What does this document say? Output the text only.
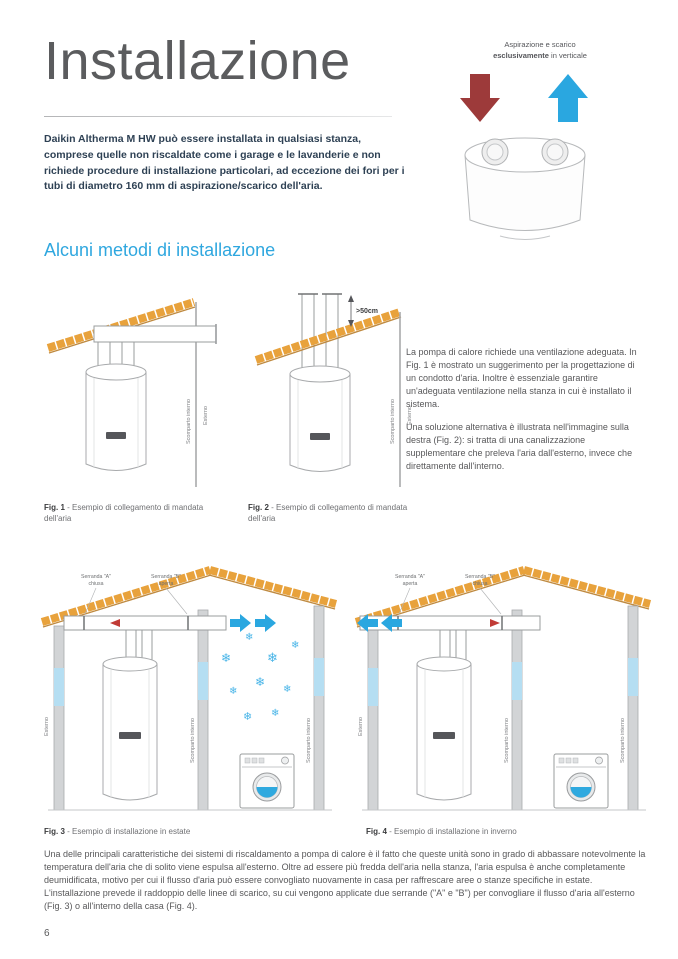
Installazione	Aspirazione e scarico
esclusivamente in verticale
Daikin Altherma M HW può essere installata in qualsiasi stanza, comprese quelle non riscaldate come i garage e le lavanderie e non richiede procedure di installazione particolari, ad eccezione dei fori per i tubi di diametro 160 mm di aspirazione/scarico dell'aria.
Alcuni metodi di installazione
Scomparto interno Esterno
>50cm
Scomparto interno Esterno

La pompa di calore richiede una ventilazione adeguata. In Fig. 1 è mostrato un suggerimento per la progettazione di un condotto d'aria. Inoltre è essenziale garantire un'adeguata ventilazione nella stanza in cui è installato il sistema.

Una soluzione alternativa è illustrata nell'immagine sulla destra (Fig. 2): si tratta di una canalizzazione supplementare che preleva l'aria dall'esterno, invece che direttamente dall'interno.

Fig. 1 - Esempio di collegamento di mandata dell'aria
Fig. 2 - Esempio di collegamento di mandata dell'aria
Serranda "A"
chiusa
Serranda "B"
aperta
❄
❄
❄
❄
❄
❄
❄
❄ ❄
Esterno	Scomparto interno	Scomparto interno
Serranda "A"
aperta
Serranda "B"
chiusa
Esterno	Scomparto interno	Scomparto interno
Fig. 3 - Esempio di installazione in estate	Fig. 4 - Esempio di installazione in inverno
Una delle principali caratteristiche dei sistemi di riscaldamento a pompa di calore è il fatto che queste unità sono in grado di abbassare notevolmente la temperatura dell'aria che di solito viene espulsa all'esterno. Oltre ad essere più fredda dell'aria nella stanza, l'aria espulsa è anche completamente deumidificata, motivo per cui il flusso d'aria può essere convogliato nuovamente in casa per raffrescare aree o stanze specifiche in estate. L'installazione prevede il raddoppio delle linee di scarico, su cui vengono applicate due serrande ("A" e "B") per convogliare il flusso d'aria all'esterno (Fig. 3) o all'interno della casa (Fig. 4).
6
